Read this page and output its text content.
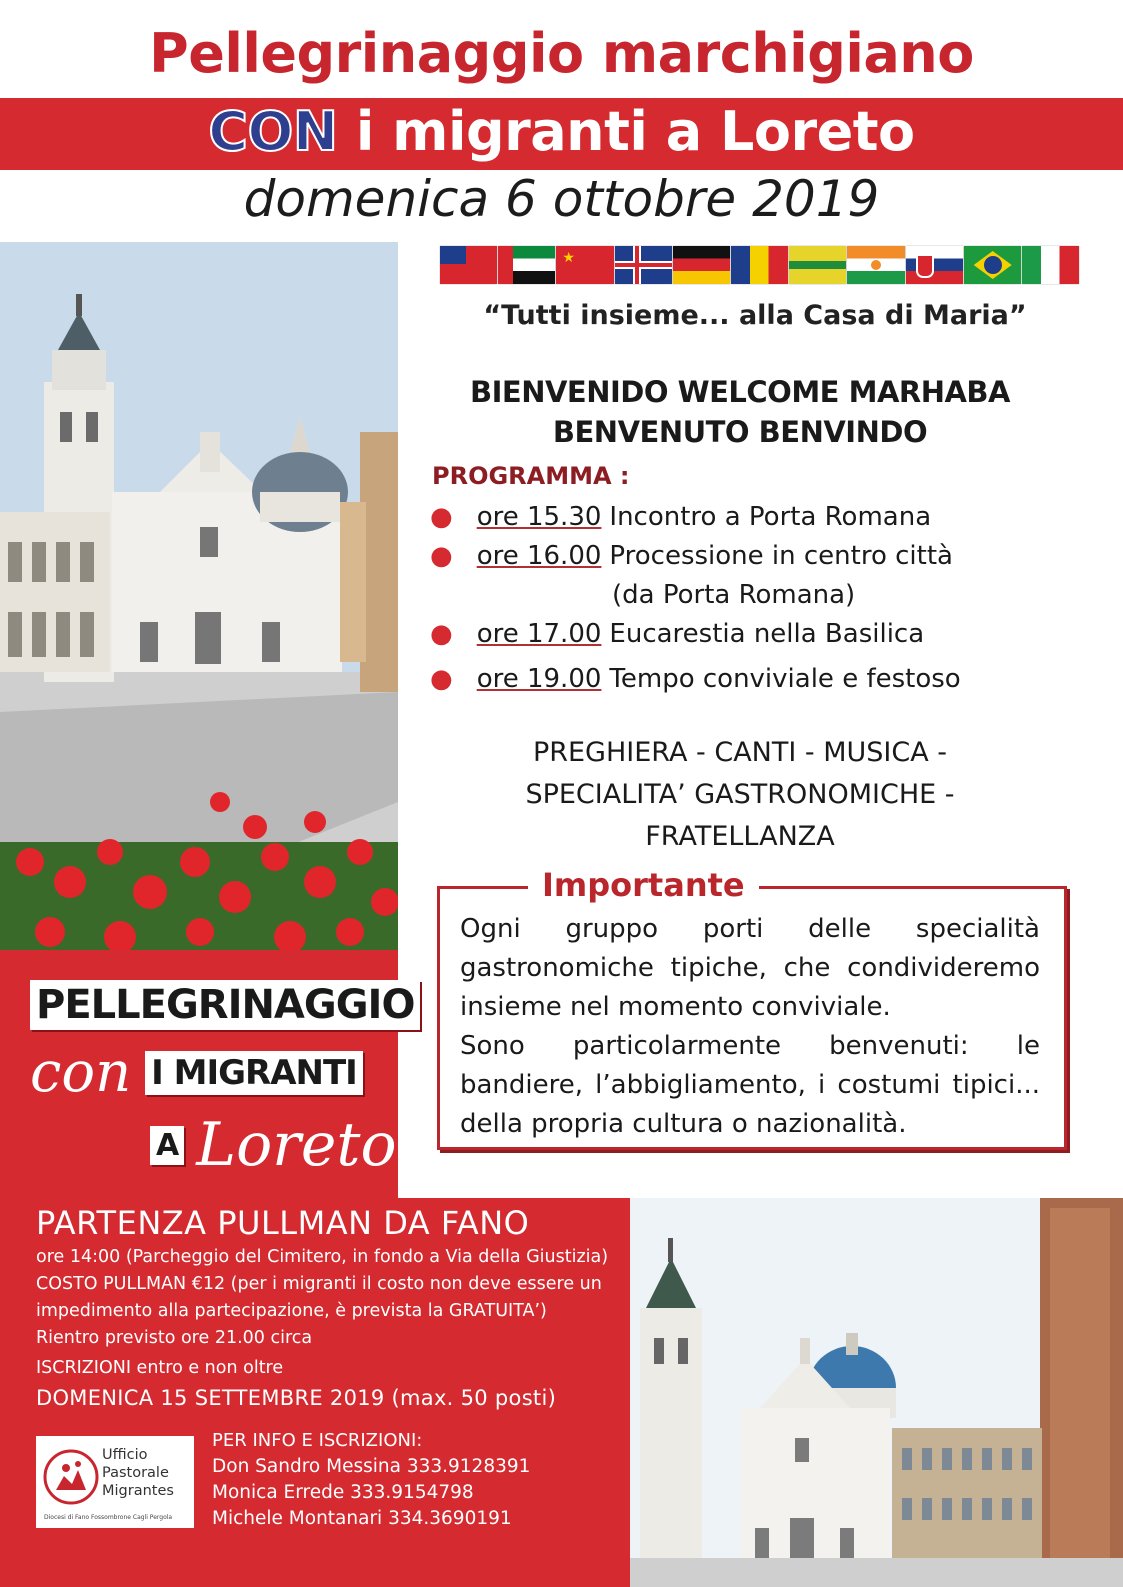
Pellegrinaggio marchigiano
CON i migranti a Loreto
domenica 6 ottobre 2019
★
PELLEGRINAGGIO
con I MIGRANTI
A Loreto
“Tutti insieme... alla Casa di Maria”
BIENVENIDO WELCOME MARHABA
BENVENUTO BENVINDO
PROGRAMMA :
● ore 15.30 Incontro a Porta Romana
● ore 16.00 Processione in centro città
(da Porta Romana)
● ore 17.00 Eucarestia nella Basilica
● ore 19.00 Tempo conviviale e festoso
PREGHIERA - CANTI - MUSICA -
SPECIALITA’ GASTRONOMICHE -
FRATELLANZA
Importante
Ogni gruppo porti delle specialità gastronomiche tipiche, che condivideremo insieme nel momento conviviale.
Sono particolarmente benvenuti: le bandiere, l’abbigliamento, i costumi tipici... della propria cultura o nazionalità.
PARTENZA PULLMAN DA FANO
ore 14:00 (Parcheggio del Cimitero, in fondo a Via della Giustizia)
COSTO PULLMAN €12 (per i migranti il costo non deve essere un
impedimento alla partecipazione, è prevista la GRATUITA’)
Rientro previsto ore 21.00 circa
ISCRIZIONI entro e non oltre
DOMENICA 15 SETTEMBRE 2019 (max. 50 posti)
Ufficio
Pastorale
Migrantes
Diocesi di Fano Fossombrone Cagli Pergola
PER INFO E ISCRIZIONI:
Don Sandro Messina 333.9128391
Monica Errede 333.9154798
Michele Montanari 334.3690191
